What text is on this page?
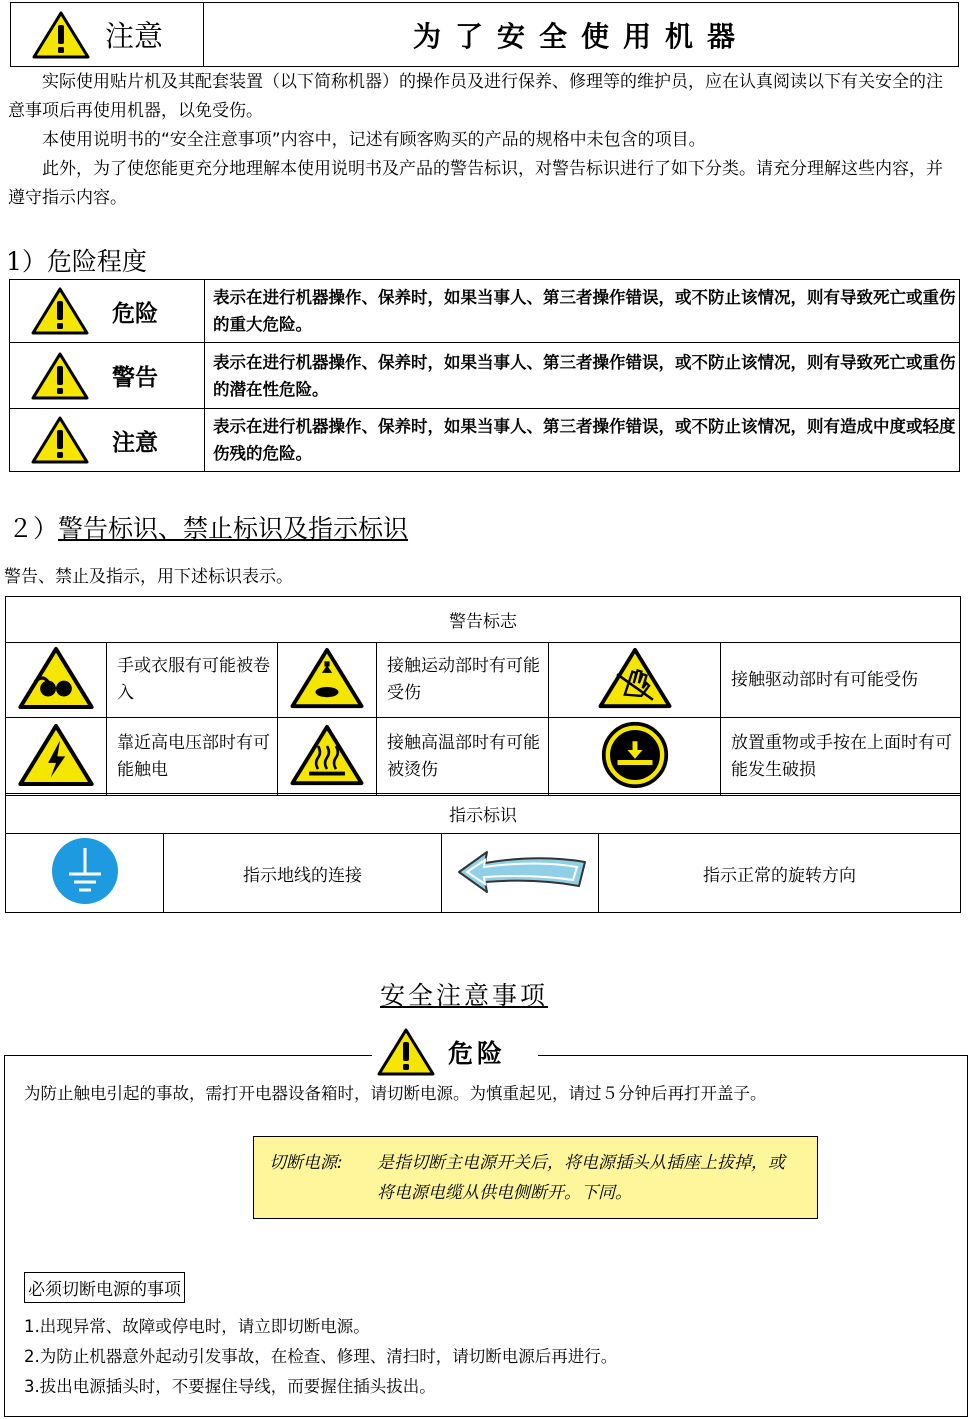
注意	为了安全使用机器

实际使用贴片机及其配套装置（以下简称机器）的操作员及进行保养、修理等的维护员，应在认真阅读以下有关安全的注意事项后再使用机器，以免受伤。

本使用说明书的“安全注意事项”内容中，记述有顾客购买的产品的规格中未包含的项目。

此外，为了使您能更充分地理解本使用说明书及产品的警告标识，对警告标识进行了如下分类。请充分理解这些内容，并遵守指示内容。

1）危险程度
危险	表示在进行机器操作、保养时，如果当事人、第三者操作错误，或不防止该情况，则有导致死亡或重伤的重大危险。

警告	表示在进行机器操作、保养时，如果当事人、第三者操作错误，或不防止该情况，则有导致死亡或重伤的潜在性危险。

注意	表示在进行机器操作、保养时，如果当事人、第三者操作错误，或不防止该情况，则有造成中度或轻度伤残的危险。
２）警告标识、禁止标识及指示标识
警告、禁止及指示，用下述标识表示。
警告标志					
	手或衣服有可能被卷入		接触运动部时有可能受伤		接触驱动部时有可能受伤
	靠近高电压部时有可能触电		接触高温部时有可能被烫伤		放置重物或手按在上面时有可能发生破损
指示标识
	指示地线的连接		指示正常的旋转方向
安全注意事项
危险
为防止触电引起的事故，需打开电器设备箱时，请切断电源。为慎重起见，请过５分钟后再打开盖子。
切断电源: 是指切断主电源开关后，将电源插头从插座上拔掉，或将电源电缆从供电侧断开。下同。
必须切断电源的事项
1.出现异常、故障或停电时，请立即切断电源。
2.为防止机器意外起动引发事故，在检查、修理、清扫时，请切断电源后再进行。
3.拔出电源插头时，不要握住导线，而要握住插头拔出。
